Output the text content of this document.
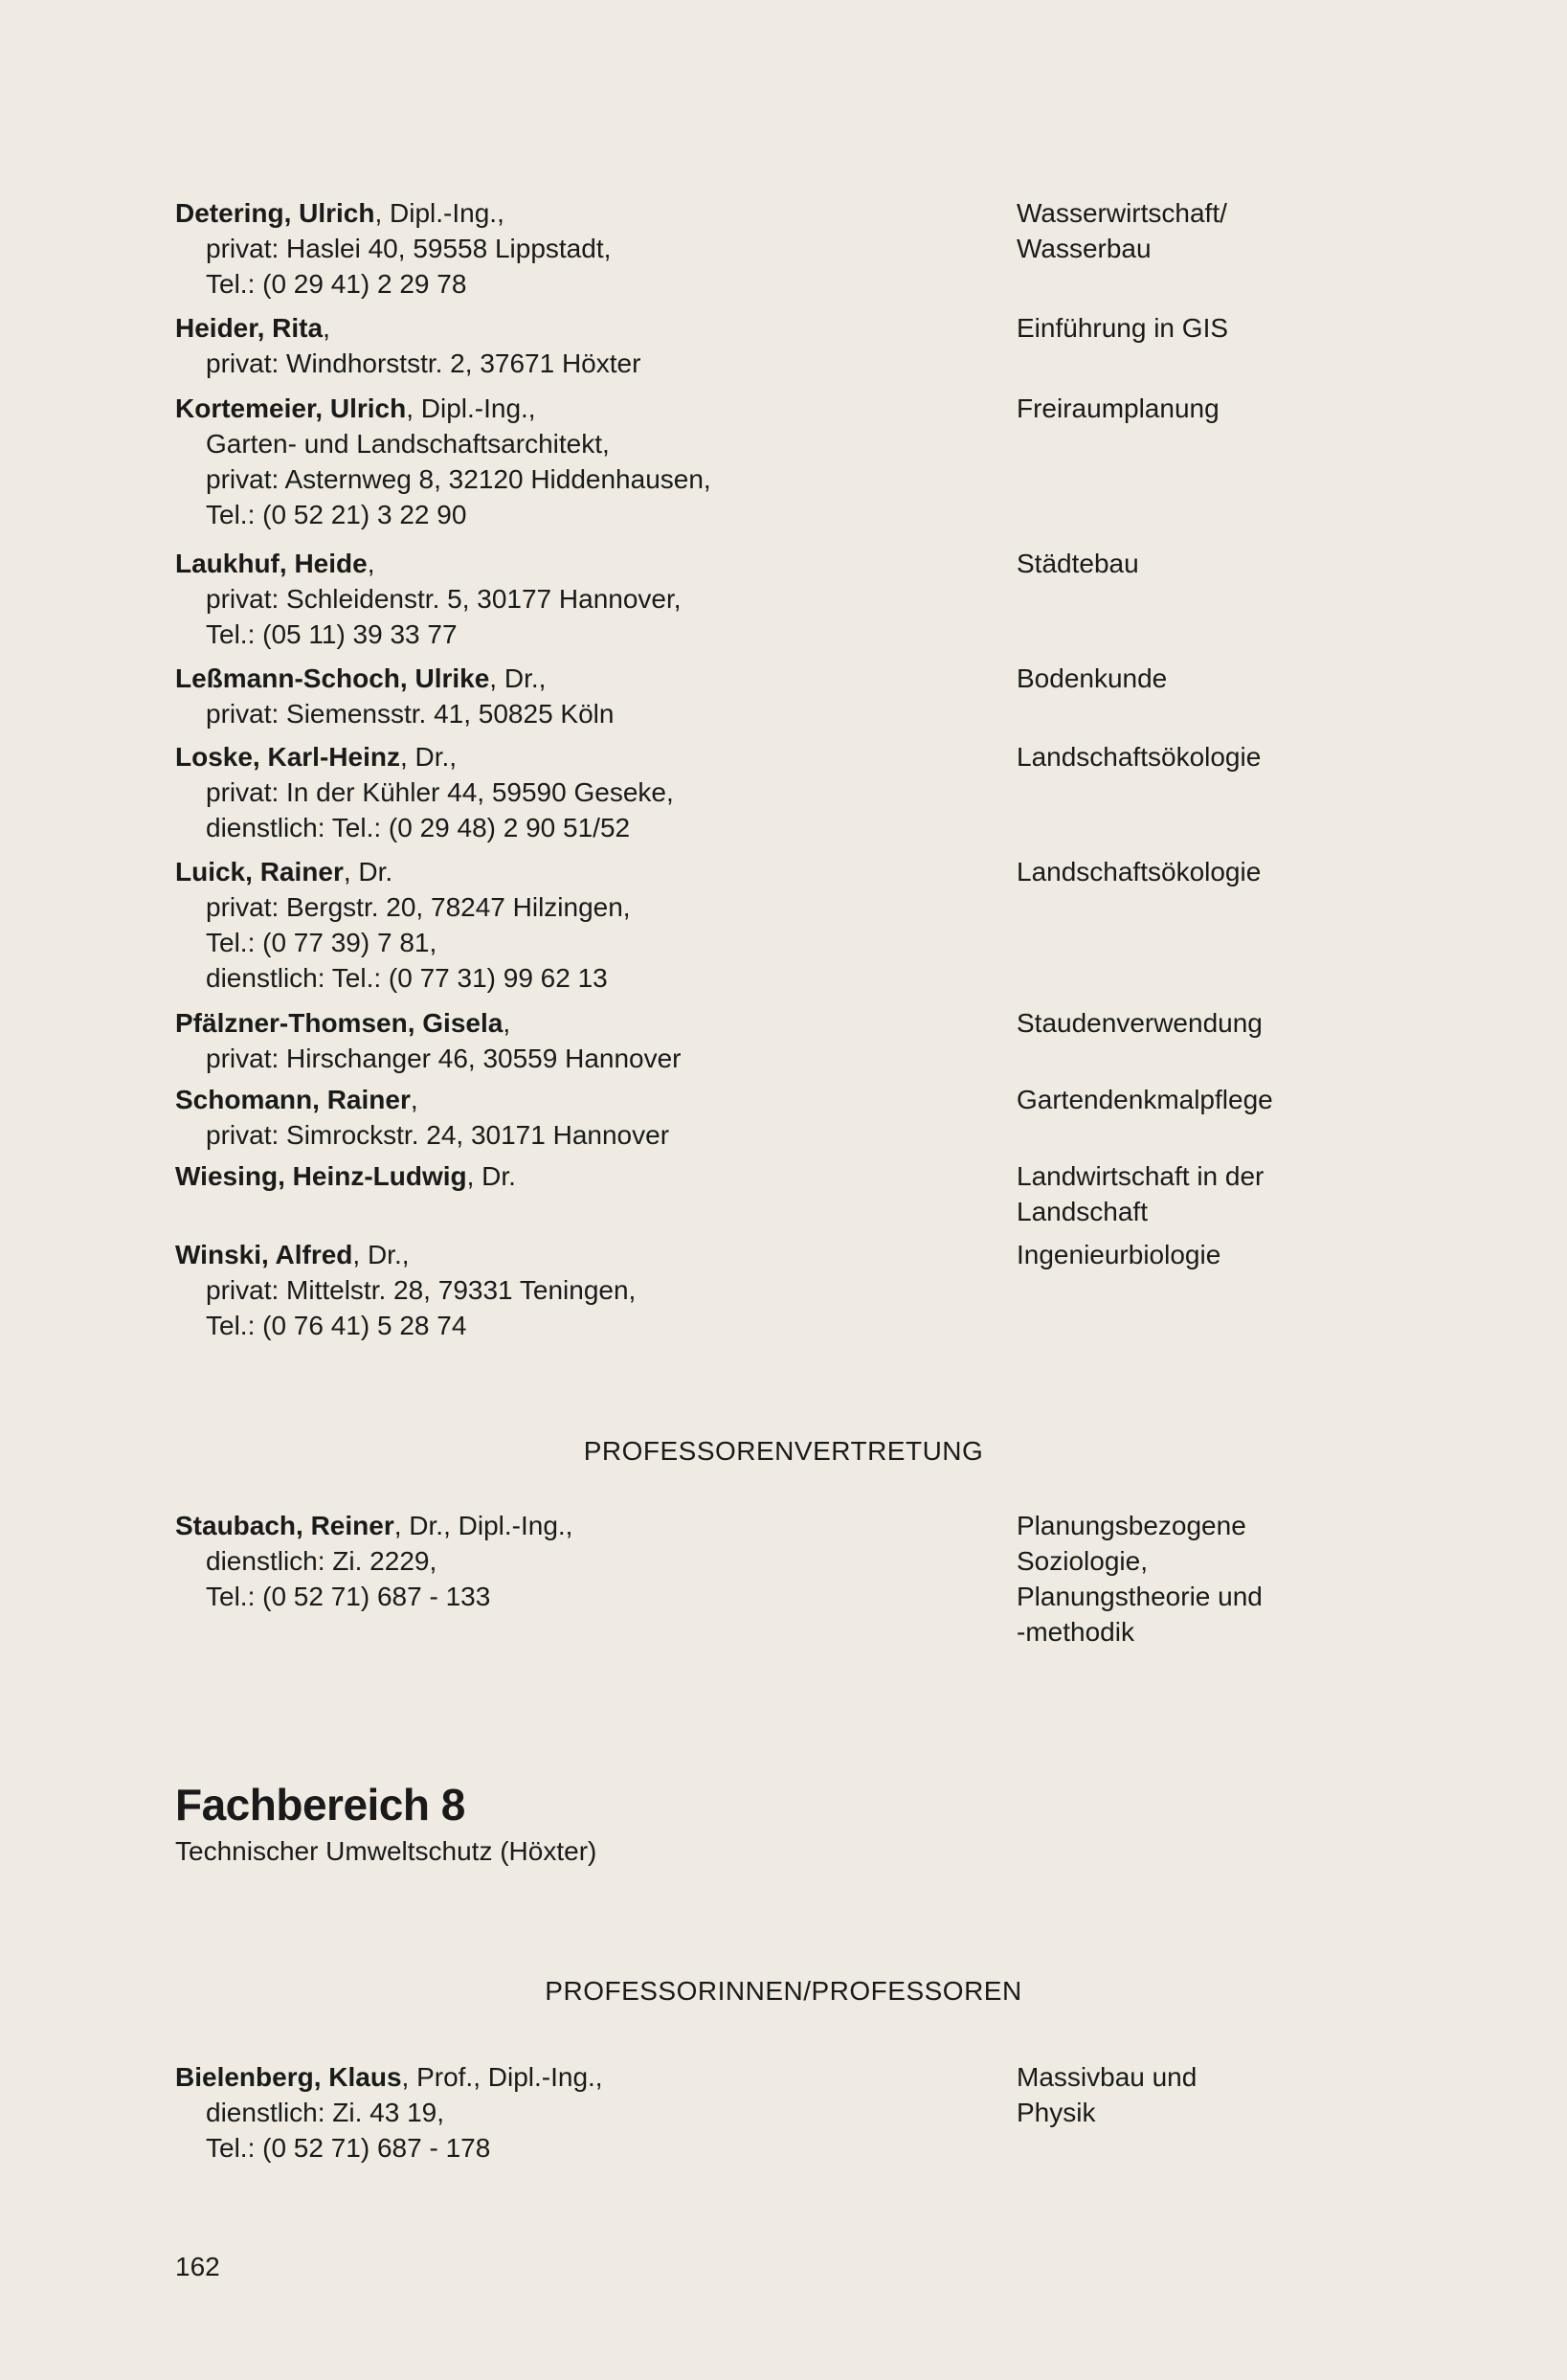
Detering, Ulrich, Dipl.-Ing.,
privat: Haslei 40, 59558 Lippstadt,
Tel.: (0 29 41) 2 29 78
Wasserwirtschaft/
Wasserbau
Heider, Rita,
privat: Windhorststr. 2, 37671 Höxter
Einführung in GIS
Kortemeier, Ulrich, Dipl.-Ing.,
Garten- und Landschaftsarchitekt,
privat: Asternweg 8, 32120 Hiddenhausen,
Tel.: (0 52 21) 3 22 90
Freiraumplanung
Laukhuf, Heide,
privat: Schleidenstr. 5, 30177 Hannover,
Tel.: (05 11) 39 33 77
Städtebau
Leßmann-Schoch, Ulrike, Dr.,
privat: Siemensstr. 41, 50825 Köln
Bodenkunde
Loske, Karl-Heinz, Dr.,
privat: In der Kühler 44, 59590 Geseke,
dienstlich: Tel.: (0 29 48) 2 90 51/52
Landschaftsökologie
Luick, Rainer, Dr.
privat: Bergstr. 20, 78247 Hilzingen,
Tel.: (0 77 39) 7 81,
dienstlich: Tel.: (0 77 31) 99 62 13
Landschaftsökologie
Pfälzner-Thomsen, Gisela,
privat: Hirschanger 46, 30559 Hannover
Staudenverwendung
Schomann, Rainer,
privat: Simrockstr. 24, 30171 Hannover
Gartendenkmalpflege
Wiesing, Heinz-Ludwig, Dr.	Landwirtschaft in der
Landschaft
Winski, Alfred, Dr.,
privat: Mittelstr. 28, 79331 Teningen,
Tel.: (0 76 41) 5 28 74
Ingenieurbiologie
Staubach, Reiner, Dr., Dipl.-Ing.,
dienstlich: Zi. 2229,
Tel.: (0 52 71) 687 - 133
Planungsbezogene
Soziologie,
Planungstheorie und
-methodik
Bielenberg, Klaus, Prof., Dipl.-Ing.,
dienstlich: Zi. 43 19,
Tel.: (0 52 71) 687 - 178
Massivbau und
Physik
PROFESSORENVERTRETUNG
Fachbereich 8
Technischer Umweltschutz (Höxter)
PROFESSORINNEN/PROFESSOREN
162
